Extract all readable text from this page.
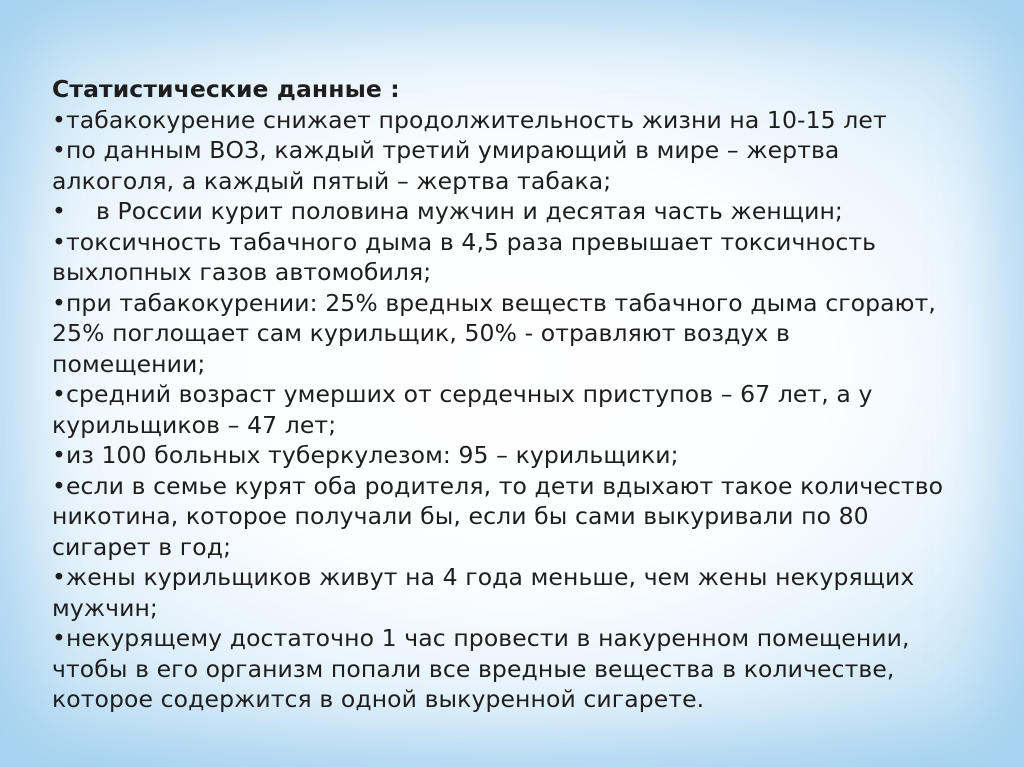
Статистические данные :

•табакокурение снижает продолжительность жизни на 10-15 лет

•по данным ВОЗ, каждый третий умирающий в мире – жертва

алкоголя, а каждый пятый – жертва табака;

• в России курит половина мужчин и десятая часть женщин;

•токсичность табачного дыма в 4,5 раза превышает токсичность

выхлопных газов автомобиля;

•при табакокурении: 25% вредных веществ табачного дыма сгорают,

25% поглощает сам курильщик, 50% - отравляют воздух в

помещении;

•средний возраст умерших от сердечных приступов – 67 лет, а у

курильщиков – 47 лет;

•из 100 больных туберкулезом: 95 – курильщики;

•если в семье курят оба родителя, то дети вдыхают такое количество

никотина, которое получали бы, если бы сами выкуривали по 80

сигарет в год;

•жены курильщиков живут на 4 года меньше, чем жены некурящих

мужчин;

•некурящему достаточно 1 час провести в накуренном помещении,

чтобы в его организм попали все вредные вещества в количестве,

которое содержится в одной выкуренной сигарете.
